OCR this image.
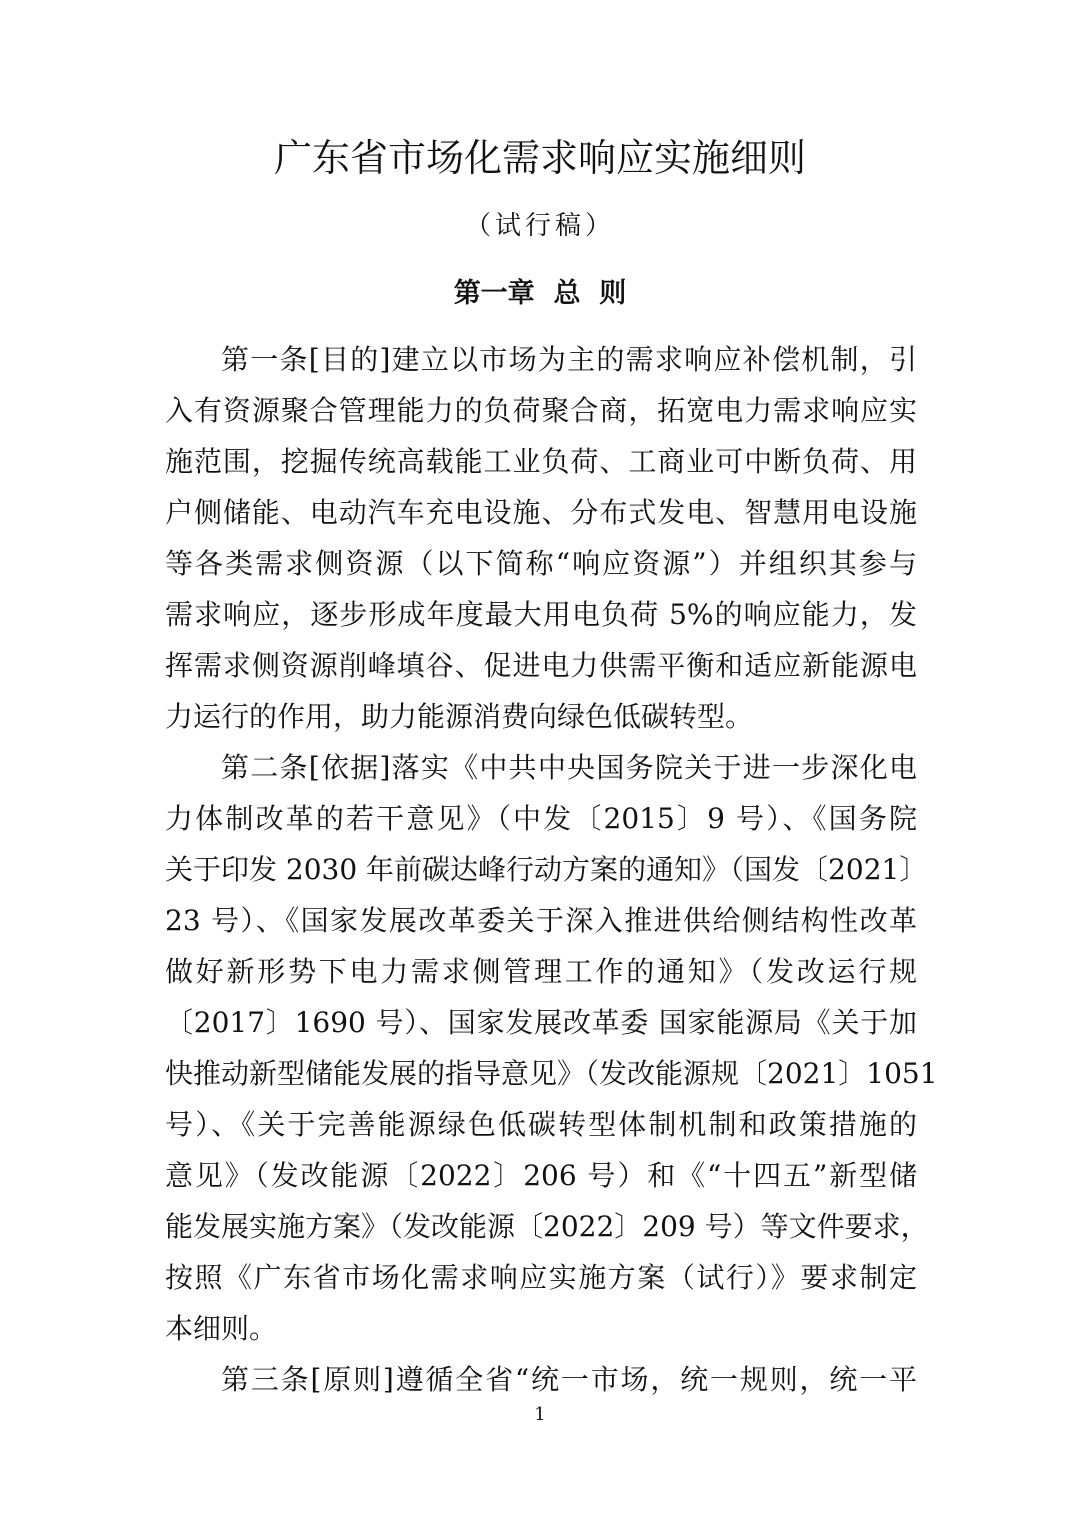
广东省市场化需求响应实施细则
（试行稿）
第一章  总  则
第一条[目的]建立以市场为主的需求响应补偿机制，引
入有资源聚合管理能力的负荷聚合商，拓宽电力需求响应实
施范围，挖掘传统高载能工业负荷、工商业可中断负荷、用
户侧储能、电动汽车充电设施、分布式发电、智慧用电设施
等各类需求侧资源（以下简称“响应资源”）并组织其参与
需求响应，逐步形成年度最大用电负荷 5%的响应能力，发
挥需求侧资源削峰填谷、促进电力供需平衡和适应新能源电
力运行的作用，助力能源消费向绿色低碳转型。
第二条[依据]落实《中共中央国务院关于进一步深化电
力体制改革的若干意见》（中发〔2015〕9 号）、《国务院
关于印发 2030 年前碳达峰行动方案的通知》（国发〔2021〕
23 号）、《国家发展改革委关于深入推进供给侧结构性改革
做好新形势下电力需求侧管理工作的通知》（发改运行规
〔2017〕1690 号）、国家发展改革委 国家能源局《关于加
快推动新型储能发展的指导意见》（发改能源规〔2021〕1051
号）、《关于完善能源绿色低碳转型体制机制和政策措施的
意见》（发改能源〔2022〕206 号）和《“十四五”新型储
能发展实施方案》（发改能源〔2022〕209 号）等文件要求，
按照《广东省市场化需求响应实施方案（试行）》要求制定
本细则。
第三条[原则]遵循全省“统一市场，统一规则，统一平
1
